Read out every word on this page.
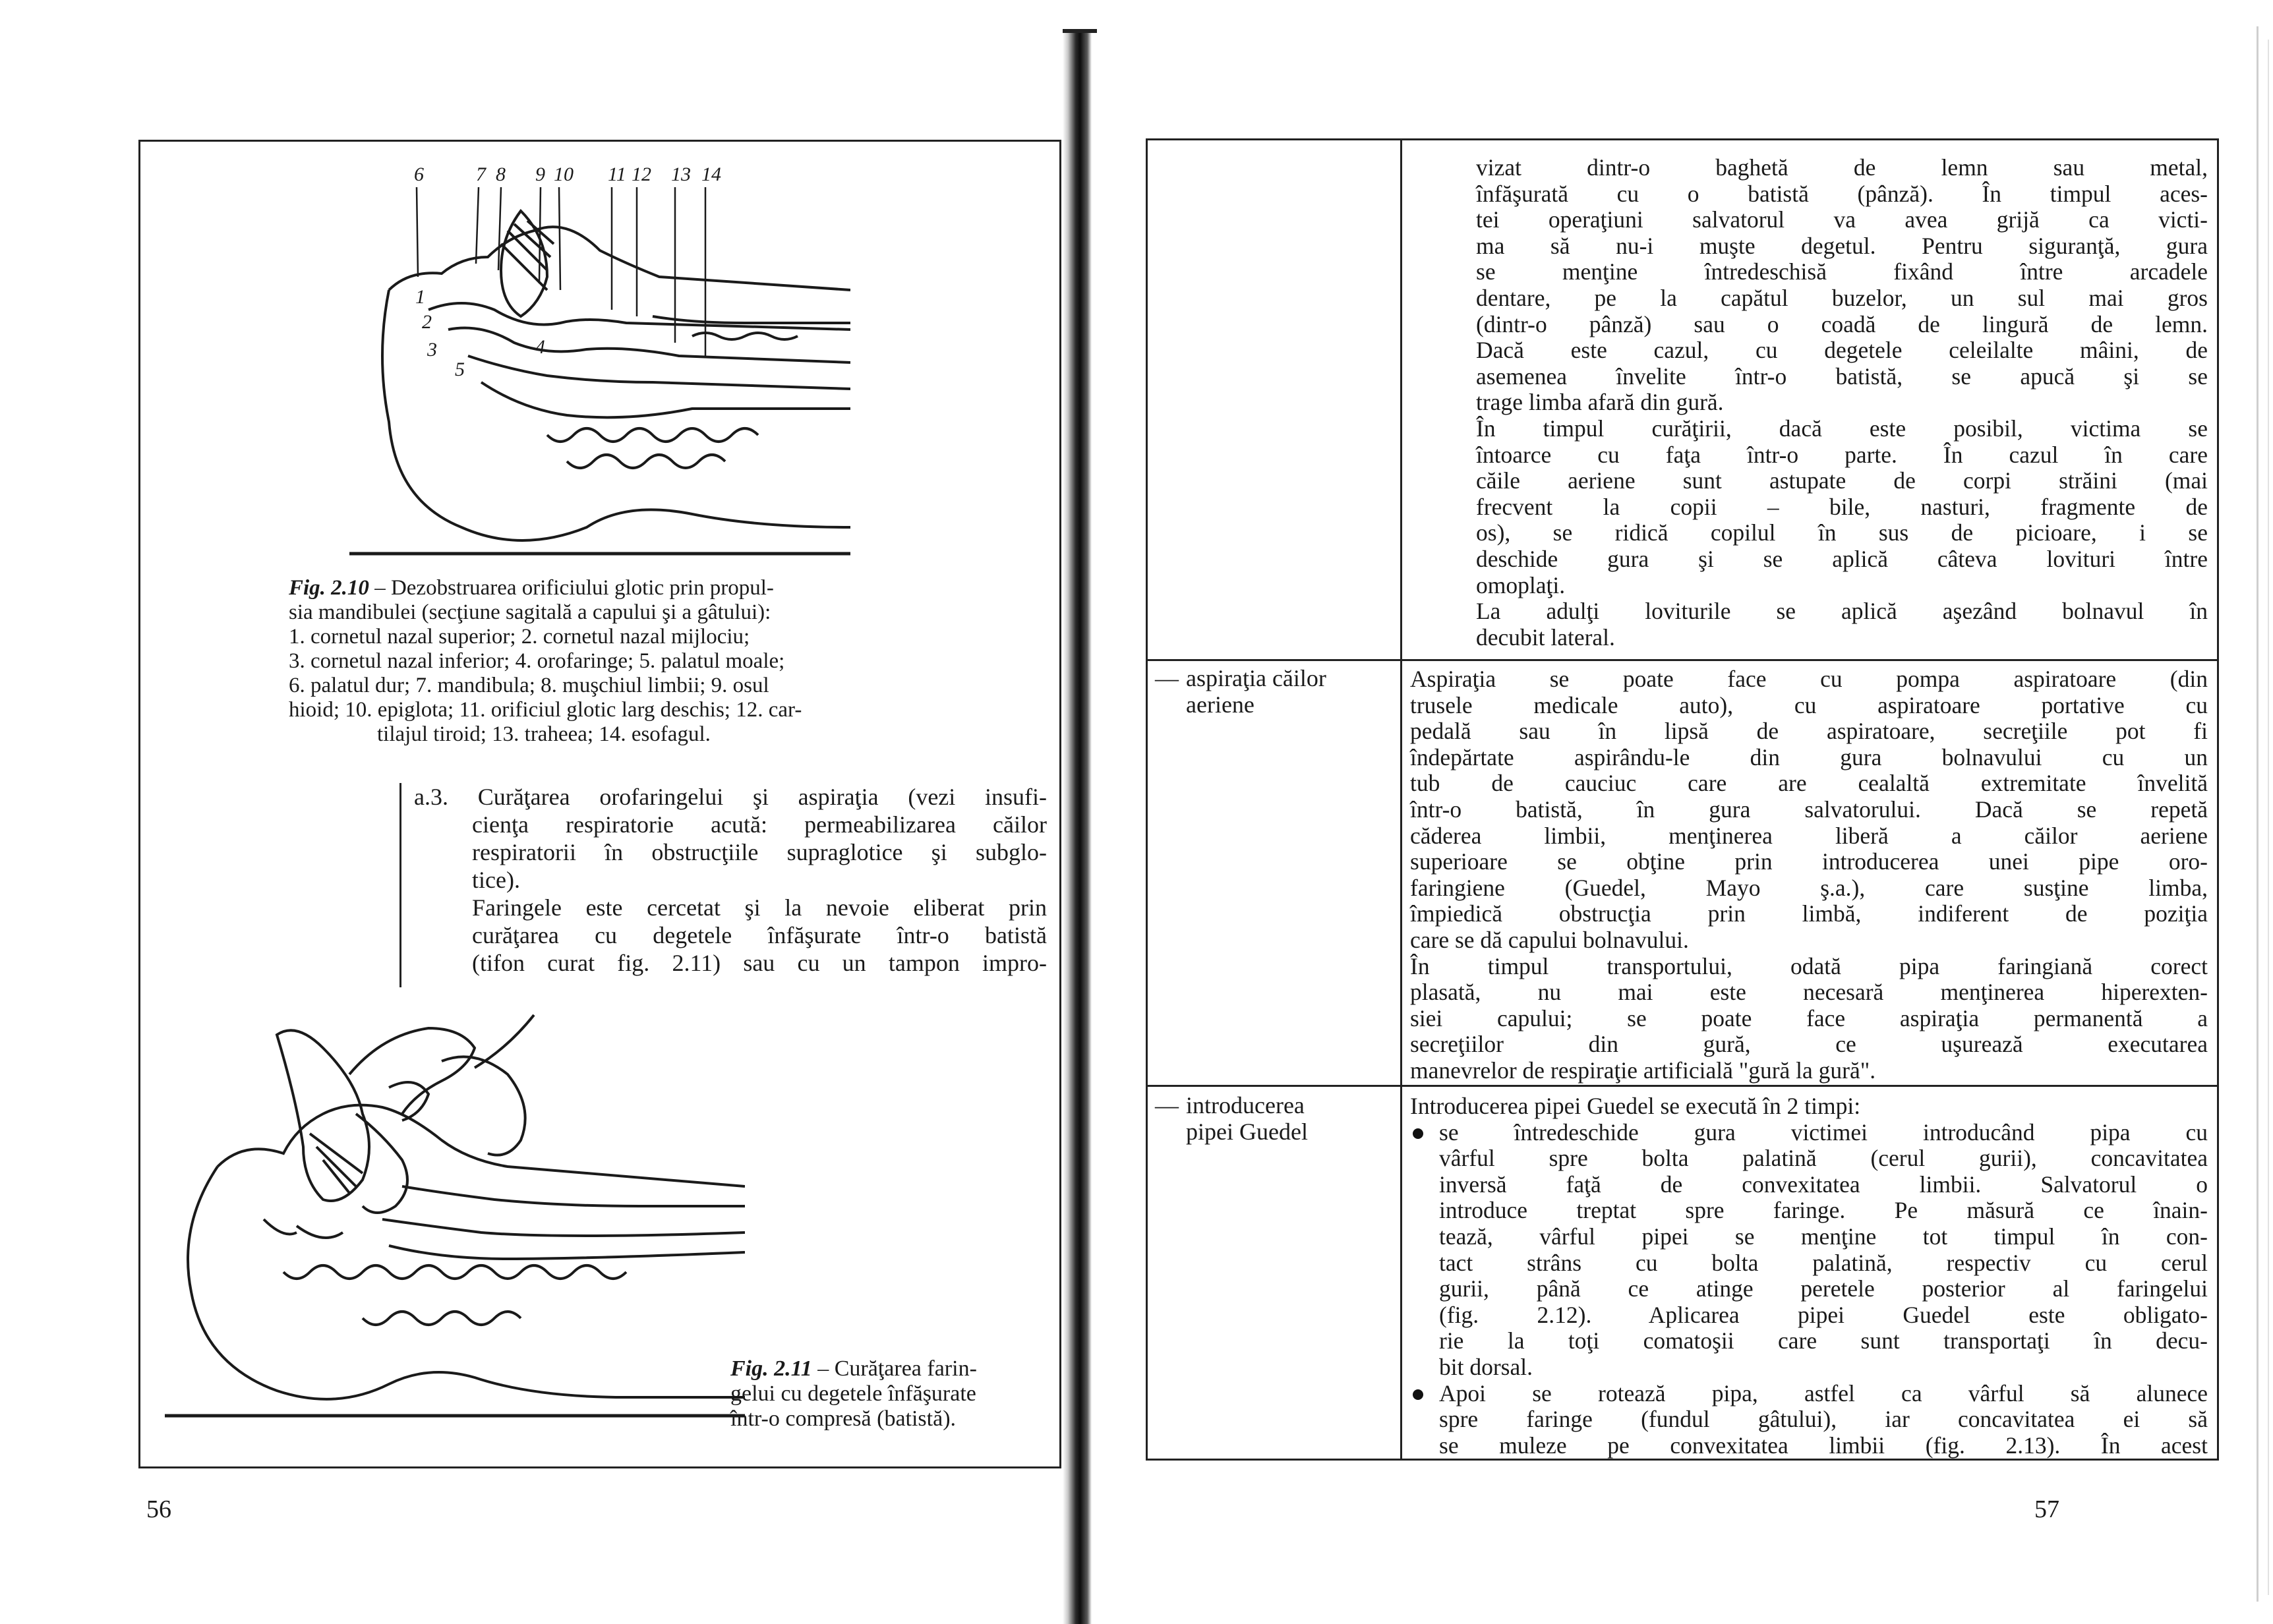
6	7 8 9 10 11 12 13 14
1
2
3	4
5
Fig. 2.10 – Dezobstruarea orificiului glotic prin propul-
sia mandibulei (secţiune sagitală a capului şi a gâtului):
1. cornetul nazal superior; 2. cornetul nazal mijlociu;
3. cornetul nazal inferior; 4. orofaringe; 5. palatul moale;
6. palatul dur; 7. mandibula; 8. muşchiul limbii; 9. osul
hioid; 10. epiglota; 11. orificiul glotic larg deschis; 12. car-
tilajul tiroid; 13. traheea; 14. esofagul.
a.3. Curăţarea orofaringelui şi aspiraţia (vezi insufi-
cienţa respiratorie acută: permeabilizarea căilor
respiratorii în obstrucţiile supraglotice şi subglo-
tice).
Faringele este cercetat şi la nevoie eliberat prin
curăţarea cu degetele înfăşurate într-o batistă
(tifon curat fig. 2.11) sau cu un tampon impro-
Fig. 2.11 – Curăţarea farin-
gelui cu degetele înfăşurate
într-o compresă (batistă).
56
vizat dintr-o baghetă de lemn sau metal,
înfăşurată cu o batistă (pânză). În timpul aces-
tei operaţiuni salvatorul va avea grijă ca victi-
ma să nu-i muşte degetul. Pentru siguranţă, gura
se menţine întredeschisă fixând între arcadele
dentare, pe la capătul buzelor, un sul mai gros
(dintr-o pânză) sau o coadă de lingură de lemn.
Dacă este cazul, cu degetele celeilalte mâini, de
asemenea învelite într-o batistă, se apucă şi se
trage limba afară din gură.
În timpul curăţirii, dacă este posibil, victima se
întoarce cu faţa într-o parte. În cazul în care
căile aeriene sunt astupate de corpi străini (mai
frecvent la copii – bile, nasturi, fragmente de
os), se ridică copilul în sus de picioare, i se
deschide gura şi se aplică câteva lovituri între
omoplaţi.
La adulţi loviturile se aplică aşezând bolnavul în
decubit lateral.
— aspiraţia căilor
aeriene
Aspiraţia se poate face cu pompa aspiratoare (din
trusele medicale auto), cu aspiratoare portative cu
pedală sau în lipsă de aspiratoare, secreţiile pot fi
îndepărtate aspirându-le din gura bolnavului cu un
tub de cauciuc care are cealaltă extremitate învelită
într-o batistă, în gura salvatorului. Dacă se repetă
căderea limbii, menţinerea liberă a căilor aeriene
superioare se obţine prin introducerea unei pipe oro-
faringiene (Guedel, Mayo ş.a.), care susţine limba,
împiedică obstrucţia prin limbă, indiferent de poziţia
care se dă capului bolnavului.
În timpul transportului, odată pipa faringiană corect
plasată, nu mai este necesară menţinerea hiperexten-
siei capului; se poate face aspiraţia permanentă a
secreţiilor din gură, ce uşurează executarea
manevrelor de respiraţie artificială "gură la gură".
— introducerea
pipei Guedel
Introducerea pipei Guedel se execută în 2 timpi:
se întredeschide gura victimei introducând pipa cu
vârful spre bolta palatină (cerul gurii), concavitatea
inversă faţă de convexitatea limbii. Salvatorul o
introduce treptat spre faringe. Pe măsură ce înain-
tează, vârful pipei se menţine tot timpul în con-
tact strâns cu bolta palatină, respectiv cu cerul
gurii, până ce atinge peretele posterior al faringelui
(fig. 2.12). Aplicarea pipei Guedel este obligato-
rie la toţi comatoşii care sunt transportaţi în decu-
bit dorsal.
Apoi se rotează pipa, astfel ca vârful să alunece
spre faringe (fundul gâtului), iar concavitatea ei să
se muleze pe convexitatea limbii (fig. 2.13). În acest
57
